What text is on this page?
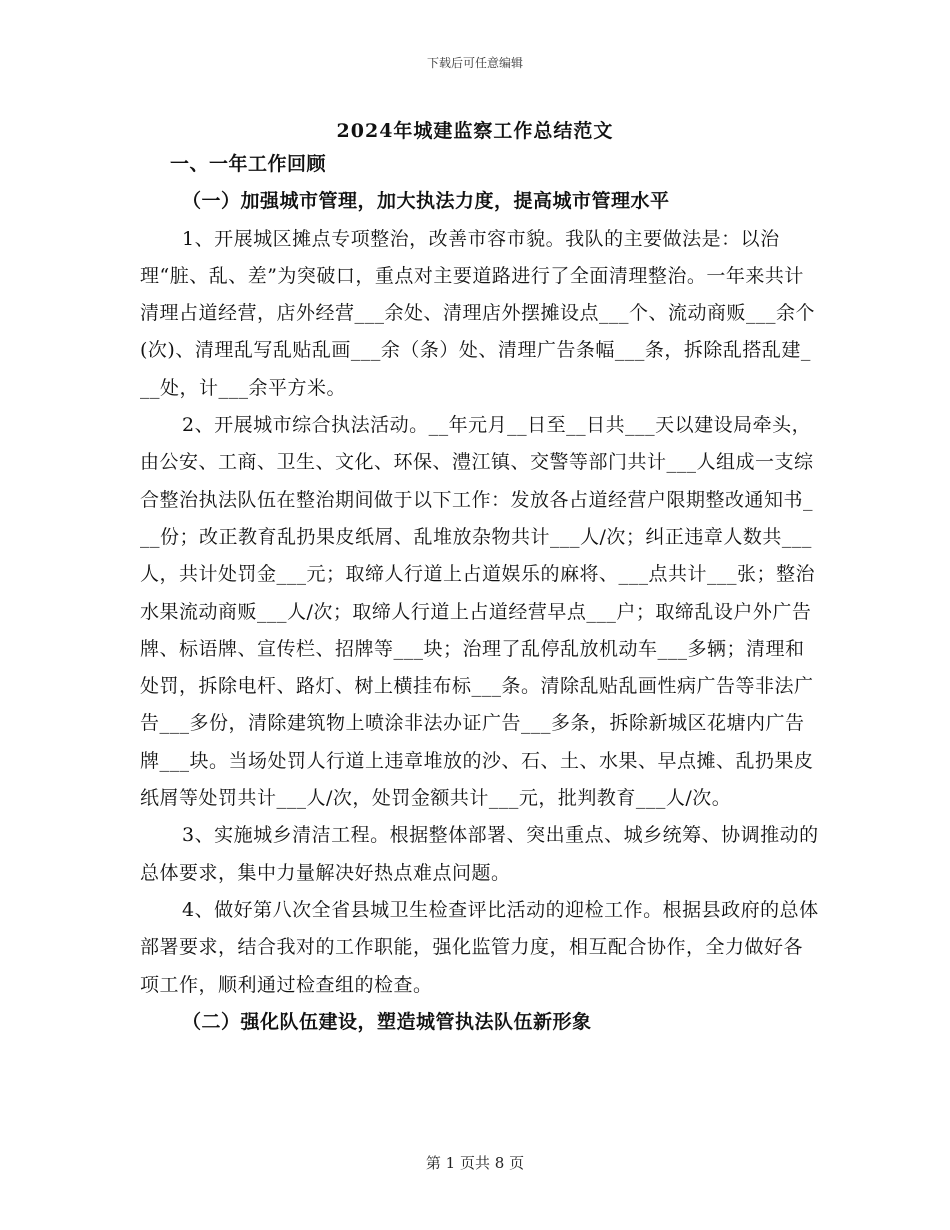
下载后可任意编辑
2024年城建监察工作总结范文

一、一年工作回顾

（一）加强城市管理，加大执法力度，提高城市管理水平

1、开展城区摊点专项整治，改善市容市貌。我队的主要做法是：以治理“脏、乱、差”为突破口，重点对主要道路进行了全面清理整治。一年来共计清理占道经营，店外经营___余处、清理店外摆摊设点___个、流动商贩___余个(次)、清理乱写乱贴乱画___余（条）处、清理广告条幅___条，拆除乱搭乱建___处，计___余平方米。

2、开展城市综合执法活动。__年元月__日至__日共___天以建设局牵头，由公安、工商、卫生、文化、环保、澧江镇、交警等部门共计___人组成一支综合整治执法队伍在整治期间做于以下工作：发放各占道经营户限期整改通知书___份；改正教育乱扔果皮纸屑、乱堆放杂物共计___人/次；纠正违章人数共___人，共计处罚金___元；取缔人行道上占道娱乐的麻将、___点共计___张；整治水果流动商贩___人/次；取缔人行道上占道经营早点___户；取缔乱设户外广告牌、标语牌、宣传栏、招牌等___块；治理了乱停乱放机动车___多辆；清理和处罚，拆除电杆、路灯、树上横挂布标___条。清除乱贴乱画性病广告等非法广告___多份，清除建筑物上喷涂非法办证广告___多条，拆除新城区花塘内广告牌___块。当场处罚人行道上违章堆放的沙、石、土、水果、早点摊、乱扔果皮纸屑等处罚共计___人/次，处罚金额共计___元，批判教育___人/次。

3、实施城乡清洁工程。根据整体部署、突出重点、城乡统筹、协调推动的总体要求，集中力量解决好热点难点问题。

4、做好第八次全省县城卫生检查评比活动的迎检工作。根据县政府的总体部署要求，结合我对的工作职能，强化监管力度，相互配合协作，全力做好各项工作，顺利通过检查组的检查。

（二）强化队伍建设，塑造城管执法队伍新形象

第 1 页共 8 页
